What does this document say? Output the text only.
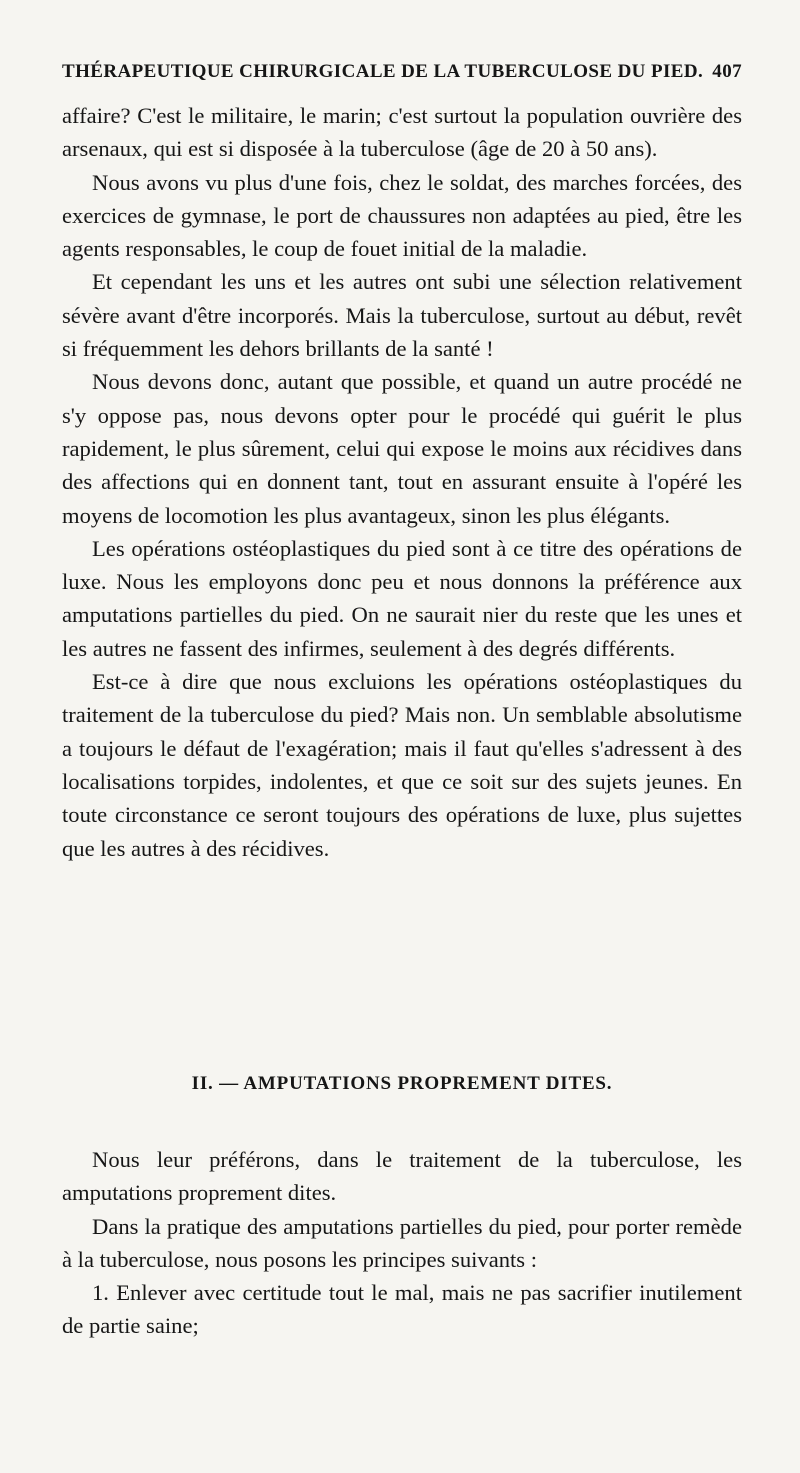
THÉRAPEUTIQUE CHIRURGICALE DE LA TUBERCULOSE DU PIED. 407

affaire? C'est le militaire, le marin; c'est surtout la population ouvrière des arsenaux, qui est si disposée à la tuberculose (âge de 20 à 50 ans).

Nous avons vu plus d'une fois, chez le soldat, des marches forcées, des exercices de gymnase, le port de chaussures non adaptées au pied, être les agents responsables, le coup de fouet initial de la maladie.

Et cependant les uns et les autres ont subi une sélection relativement sévère avant d'être incorporés. Mais la tuberculose, surtout au début, revêt si fréquemment les dehors brillants de la santé !

Nous devons donc, autant que possible, et quand un autre procédé ne s'y oppose pas, nous devons opter pour le procédé qui guérit le plus rapidement, le plus sûrement, celui qui expose le moins aux récidives dans des affections qui en donnent tant, tout en assurant ensuite à l'opéré les moyens de locomotion les plus avantageux, sinon les plus élégants.

Les opérations ostéoplastiques du pied sont à ce titre des opérations de luxe. Nous les employons donc peu et nous donnons la préférence aux amputations partielles du pied. On ne saurait nier du reste que les unes et les autres ne fassent des infirmes, seulement à des degrés différents.

Est-ce à dire que nous excluions les opérations ostéoplastiques du traitement de la tuberculose du pied? Mais non. Un semblable absolutisme a toujours le défaut de l'exagération; mais il faut qu'elles s'adressent à des localisations torpides, indolentes, et que ce soit sur des sujets jeunes. En toute circonstance ce seront toujours des opérations de luxe, plus sujettes que les autres à des récidives.

II. — AMPUTATIONS PROPREMENT DITES.

Nous leur préférons, dans le traitement de la tuberculose, les amputations proprement dites.

Dans la pratique des amputations partielles du pied, pour porter remède à la tuberculose, nous posons les principes suivants :

1. Enlever avec certitude tout le mal, mais ne pas sacrifier inutilement de partie saine;
